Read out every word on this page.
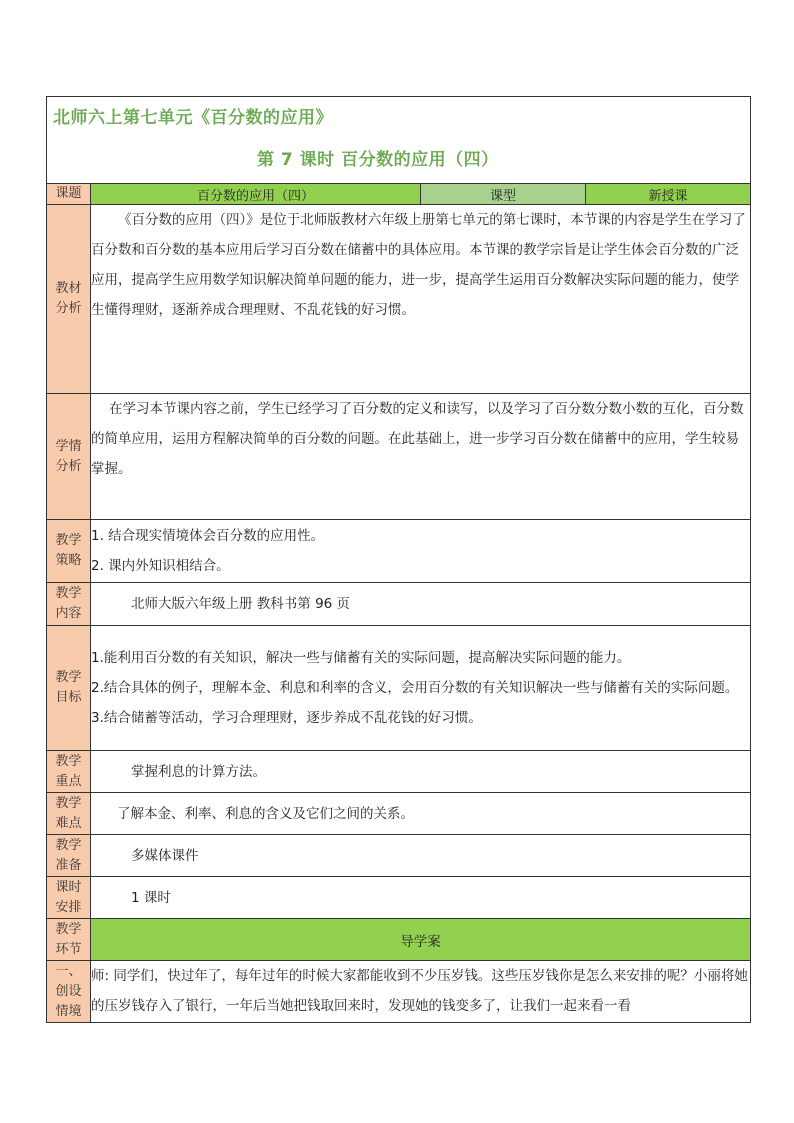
北师六上第七单元《百分数的应用》
第 7 课时 百分数的应用（四）			

课题	百分数的应用（四）	课型	新授课

教材分析	《百分数的应用（四）》是位于北师版教材六年级上册第七单元的第七课时，本节课的内容是学生在学习了百分数和百分数的基本应用后学习百分数在储蓄中的具体应用。本节课的教学宗旨是让学生体会百分数的广泛应用，提高学生应用数学知识解决简单问题的能力，进一步，提高学生运用百分数解决实际问题的能力，使学生懂得理财，逐渐养成合理理财、不乱花钱的好习惯。		

学情分析	在学习本节课内容之前，学生已经学习了百分数的定义和读写，以及学习了百分数分数小数的互化，百分数的简单应用，运用方程解决简单的百分数的问题。在此基础上，进一步学习百分数在储蓄中的应用，学生较易掌握。		

教学策略	1. 结合现实情境体会百分数的应用性。
2. 课内外知识相结合。		

教学内容	北师大版六年级上册 教科书第 96 页		

教学目标	1.能利用百分数的有关知识，解决一些与储蓄有关的实际问题，提高解决实际问题的能力。
2.结合具体的例子，理解本金、利息和利率的含义，会用百分数的有关知识解决一些与储蓄有关的实际问题。
3.结合储蓄等活动，学习合理理财，逐步养成不乱花钱的好习惯。		

教学重点	掌握利息的计算方法。		

教学难点	了解本金、利率、利息的含义及它们之间的关系。		

教学准备	多媒体课件		

课时安排	1 课时		

教学环节	导学案		

一、创设情境	师: 同学们，快过年了，每年过年的时候大家都能收到不少压岁钱。这些压岁钱你是怎么来安排的呢？小丽将她的压岁钱存入了银行，一年后当她把钱取回来时，发现她的钱变多了，让我们一起来看一看		
